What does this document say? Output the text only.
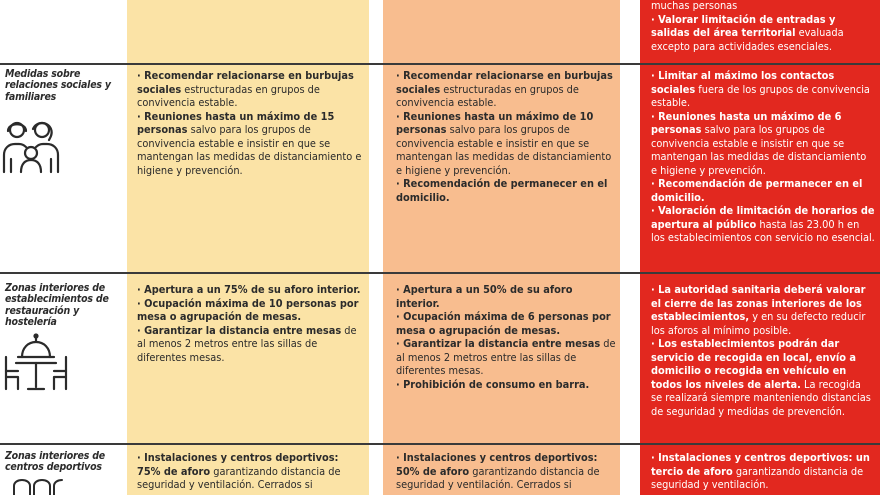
muchas personas
· Valorar limitación de entradas y salidas del área territorial evaluada excepto para actividades esenciales.
Medidas sobre relaciones sociales y familiares
· Recomendar relacionarse en burbujas sociales estructuradas en grupos de convivencia estable.
· Reuniones hasta un máximo de 15 personas salvo para los grupos de convivencia estable e insistir en que se mantengan las medidas de distanciamiento e higiene y prevención.
· Recomendar relacionarse en burbujas sociales estructuradas en grupos de convivencia estable.
· Reuniones hasta un máximo de 10 personas salvo para los grupos de convivencia estable e insistir en que se mantengan las medidas de distanciamiento e higiene y prevención.
· Recomendación de permanecer en el domicilio.
· Limitar al máximo los contactos sociales fuera de los grupos de convivencia estable.
· Reuniones hasta un máximo de 6 personas salvo para los grupos de convivencia estable e insistir en que se mantengan las medidas de distanciamiento e higiene y prevención.
· Recomendación de permanecer en el domicilio.
· Valoración de limitación de horarios de apertura al público hasta las 23.00 h en los establecimientos con servicio no esencial.
Zonas interiores de establecimientos de restauración y hostelería
· Apertura a un 75% de su aforo interior.
· Ocupación máxima de 10 personas por mesa o agrupación de mesas.
· Garantizar la distancia entre mesas de al menos 2 metros entre las sillas de diferentes mesas.
· Apertura a un 50% de su aforo interior.
· Ocupación máxima de 6 personas por mesa o agrupación de mesas.
· Garantizar la distancia entre mesas de al menos 2 metros entre las sillas de diferentes mesas.
· Prohibición de consumo en barra.
· La autoridad sanitaria deberá valorar el cierre de las zonas interiores de los establecimientos, y en su defecto reducir los aforos al mínimo posible.
· Los establecimientos podrán dar servicio de recogida en local, envío a domicilio o recogida en vehículo en todos los niveles de alerta. La recogida se realizará siempre manteniendo distancias de seguridad y medidas de prevención.
Zonas interiores de centros deportivos
· Instalaciones y centros deportivos: 75% de aforo garantizando distancia de seguridad y ventilación. Cerrados si
· Instalaciones y centros deportivos: 50% de aforo garantizando distancia de seguridad y ventilación. Cerrados si
· Instalaciones y centros deportivos: un tercio de aforo garantizando distancia de seguridad y ventilación.
